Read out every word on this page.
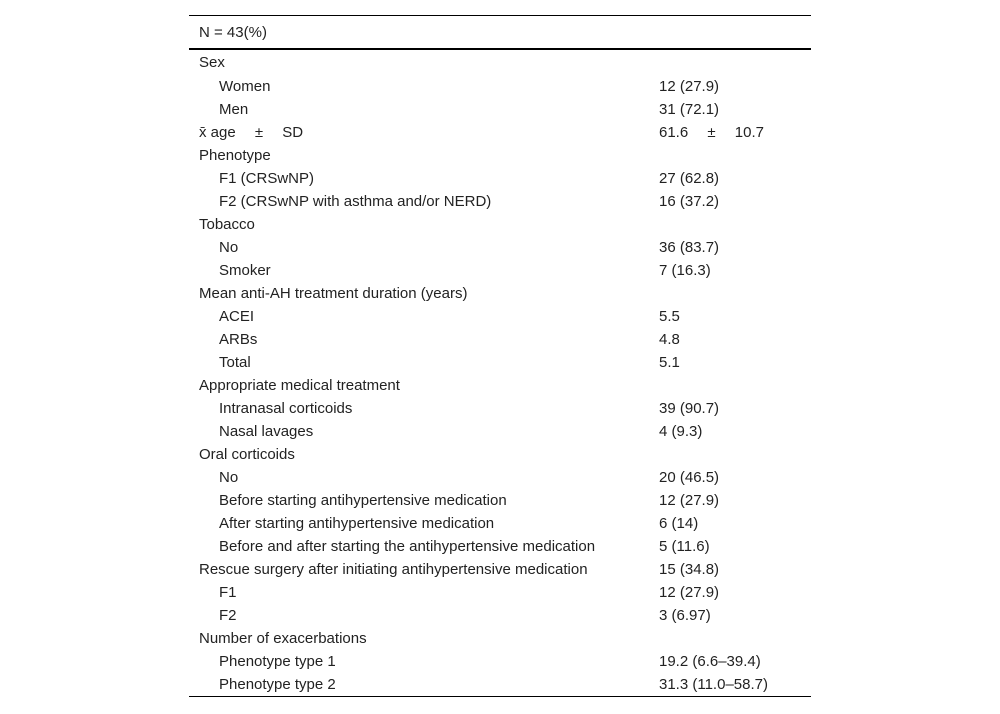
N = 43(%)	
Sex	
Women	12 (27.9)
Men	31 (72.1)
x̄ age  ±  SD	61.6  ±  10.7
Phenotype	
F1 (CRSwNP)	27 (62.8)
F2 (CRSwNP with asthma and/or NERD)	16 (37.2)
Tobacco	
No	36 (83.7)
Smoker	7 (16.3)
Mean anti-AH treatment duration (years)	
ACEI	5.5
ARBs	4.8
Total	5.1
Appropriate medical treatment	
Intranasal corticoids	39 (90.7)
Nasal lavages	4 (9.3)
Oral corticoids	
No	20 (46.5)
Before starting antihypertensive medication	12 (27.9)
After starting antihypertensive medication	6 (14)
Before and after starting the antihypertensive medication	5 (11.6)
Rescue surgery after initiating antihypertensive medication	15 (34.8)
F1	12 (27.9)
F2	3 (6.97)
Number of exacerbations	
Phenotype type 1	19.2 (6.6–39.4)
Phenotype type 2	31.3 (11.0–58.7)
